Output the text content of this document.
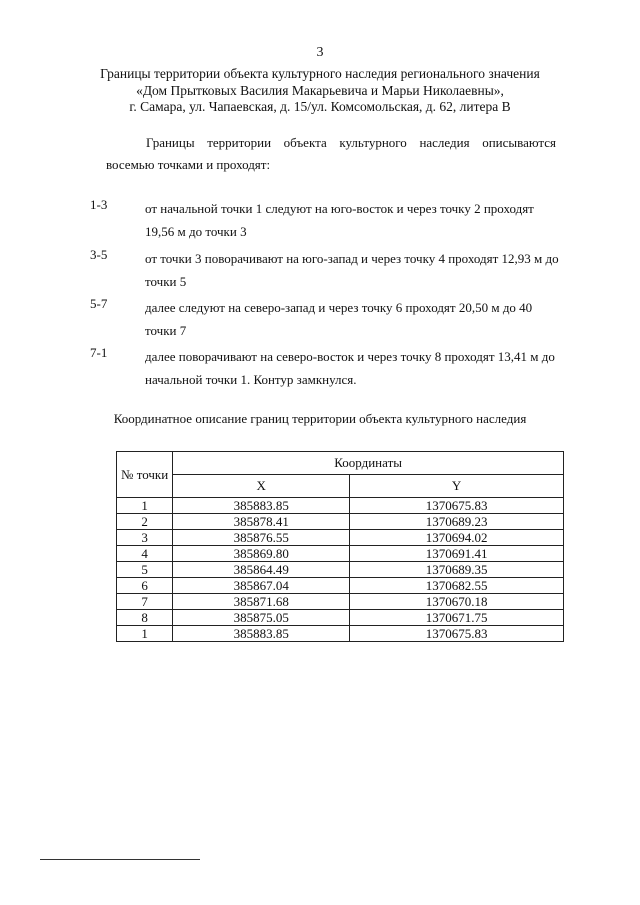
3
Границы территории объекта культурного наследия регионального значения
«Дом Прытковых Василия Макарьевича и Марьи Николаевны»,
г. Самара, ул. Чапаевская, д. 15/ул. Комсомольская, д. 62, литера В
Границы территории объекта культурного наследия описываются
восемью точками и проходят:
1-3	от начальной точки 1 следуют на юго-восток и через точку 2 проходят
19,56 м до точки 3
3-5	от точки 3 поворачивают на юго-запад и через точку 4 проходят 12,93 м до
точки 5
5-7	далее следуют на северо-запад и через точку 6 проходят 20,50 м до 40
точки 7
7-1	далее поворачивают на северо-восток и через точку 8 проходят 13,41 м до
начальной точки 1. Контур замкнулся.
Координатное описание границ территории объекта культурного наследия
№ точки	Координаты	
	X	Y
1	385883.85	1370675.83
2	385878.41	1370689.23
3	385876.55	1370694.02
4	385869.80	1370691.41
5	385864.49	1370689.35
6	385867.04	1370682.55
7	385871.68	1370670.18
8	385875.05	1370671.75
1	385883.85	1370675.83
